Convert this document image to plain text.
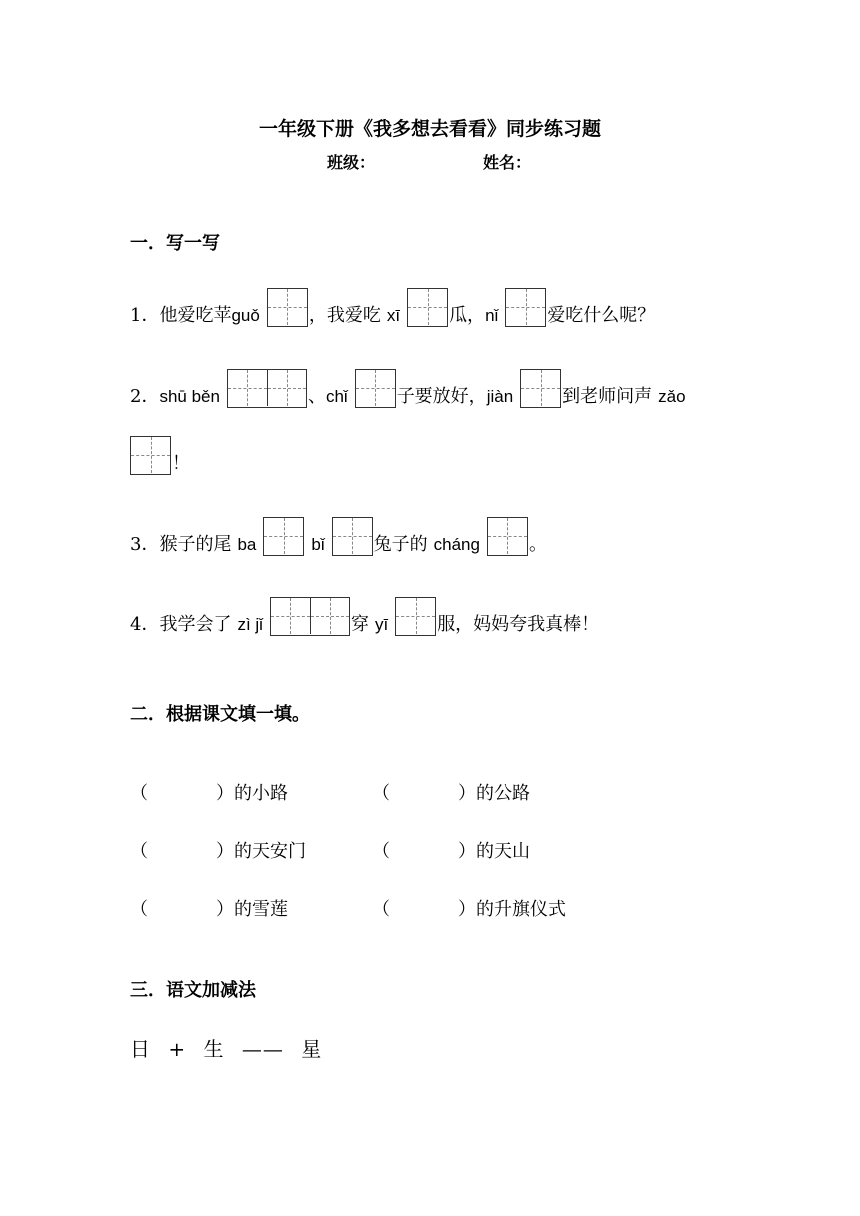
一年级下册《我多想去看看》同步练习题
班级：	姓名：
一．写一写
1． 他爱吃苹 guǒ	，我爱吃 xī	瓜， nǐ	爱吃什么呢？
2． shū běn	、 chǐ	子要放好， jiàn	到老师问声 zǎo
！
3． 猴子的尾 ba	bǐ	兔子的 cháng	。
4． 我学会了 zì jǐ	穿 yī	服，妈妈夸我真棒！
二．根据课文填一填。
（	） 的小路	（	） 的公路
（	） 的天安门	（	） 的天山
（	） 的雪莲	（	） 的升旗仪式
三．语文加减法
日 + 生 —— 星
